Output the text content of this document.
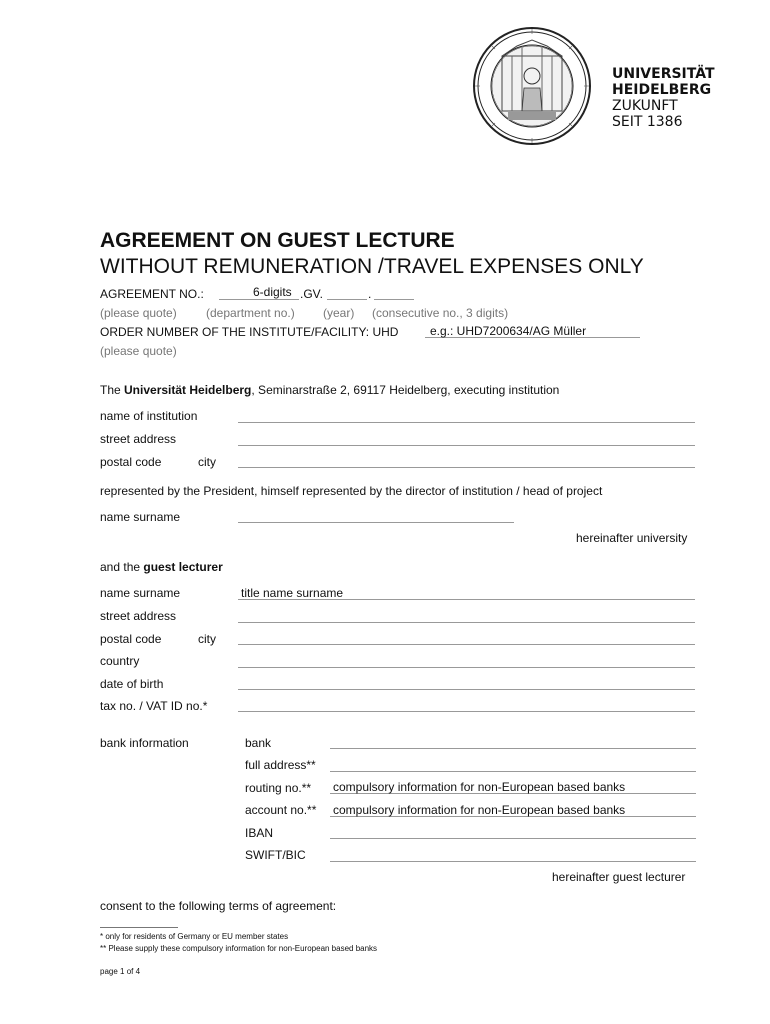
UNIVERSITÄT
HEIDELBERG
ZUKUNFT
SEIT 1386
AGREEMENT ON GUEST LECTURE
WITHOUT REMUNERATION /TRAVEL EXPENSES ONLY
AGREEMENT NO.:	6-digits .GV.	.
(please quote) (department no.) (year) (consecutive no., 3 digits)
ORDER NUMBER OF THE INSTITUTE/FACILITY: UHD	e.g.: UHD7200634/AG Müller
(please quote)
The Universität Heidelberg, Seminarstraße 2, 69117 Heidelberg, executing institution
name of institution
street address
postal code	city
represented by the President, himself represented by the director of institution / head of project
name surname
hereinafter university
and the guest lecturer
name surname	title name surname
street address
postal code	city
country
date of birth
tax no. / VAT ID no.*
bank information	bank
full address**
routing no.** compulsory information for non-European based banks
account no.** compulsory information for non-European based banks
IBAN
SWIFT/BIC
hereinafter guest lecturer
consent to the following terms of agreement:
* only for residents of Germany or EU member states
** Please supply these compulsory information for non-European based banks
page 1 of 4
